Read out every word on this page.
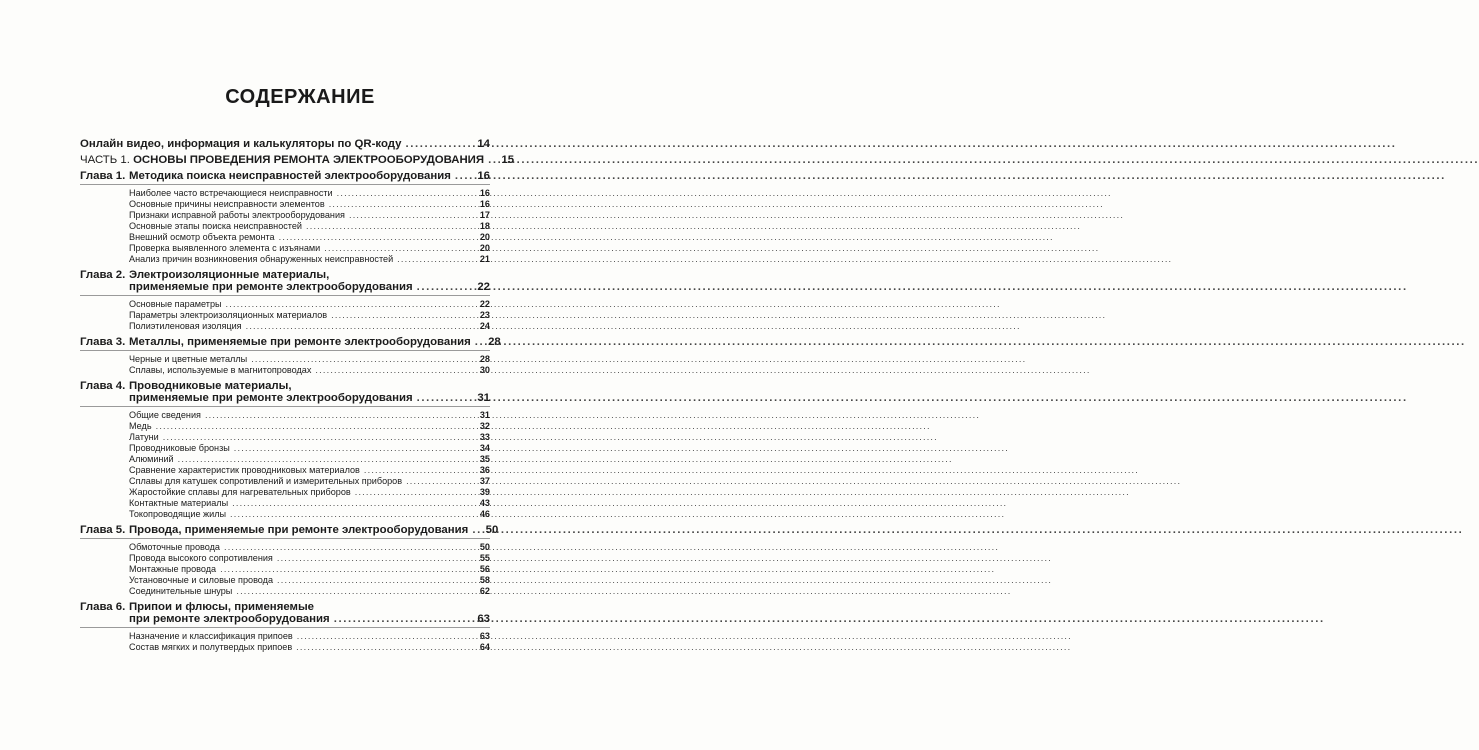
СОДЕРЖАНИЕ
Онлайн видео, информация и калькуляторы по QR-коду .....	14
ЧАСТЬ 1. ОСНОВЫ ПРОВЕДЕНИЯ РЕМОНТА ЭЛЕКТРООБОРУДОВАНИЯ ..... 15
Глава 1. Методика поиска неисправностей электрооборудования ..... 16
Наиболее часто встречающиеся неисправности .....	16
Основные причины неисправности элементов .....	16
Признаки исправной работы электрооборудования .....	17
Основные этапы поиска неисправностей .....	18
Внешний осмотр объекта ремонта .....	20
Проверка выявленного элемента с изъянами .....	20
Анализ причин возникновения обнаруженных неисправностей .....	21
Глава 2. Электроизоляционные материалы,
применяемые при ремонте электрооборудования .....	22
Основные параметры .....	22
Параметры электроизоляционных материалов .....	23
Полиэтиленовая изоляция .....	24
Глава 3. Металлы, применяемые при ремонте электрооборудования ..... 28
Черные и цветные металлы .....	28
Сплавы, используемые в магнитопроводах .....	30
Глава 4. Проводниковые материалы,
применяемые при ремонте электрооборудования .....	31
Общие сведения .....	31
Медь .....	32
Латуни .....	33
Проводниковые бронзы .....	34
Алюминий .....	35
Сравнение характеристик проводниковых материалов .....	36
Сплавы для катушек сопротивлений и измерительных приборов .....	37
Жаростойкие сплавы для нагревательных приборов .....	39
Контактные материалы .....	43
Токопроводящие жилы .....	46
Глава 5. Провода, применяемые при ремонте электрооборудования ..... 50
Обмоточные провода .....	50
Провода высокого сопротивления .....	55
Монтажные провода .....	56
Установочные и силовые провода .....	58
Соединительные шнуры .....	62
Глава 6. Припои и флюсы, применяемые
при ремонте электрооборудования .....	63
Назначение и классификация припоев .....	63
Состав мягких и полутвердых припоев .....	64
